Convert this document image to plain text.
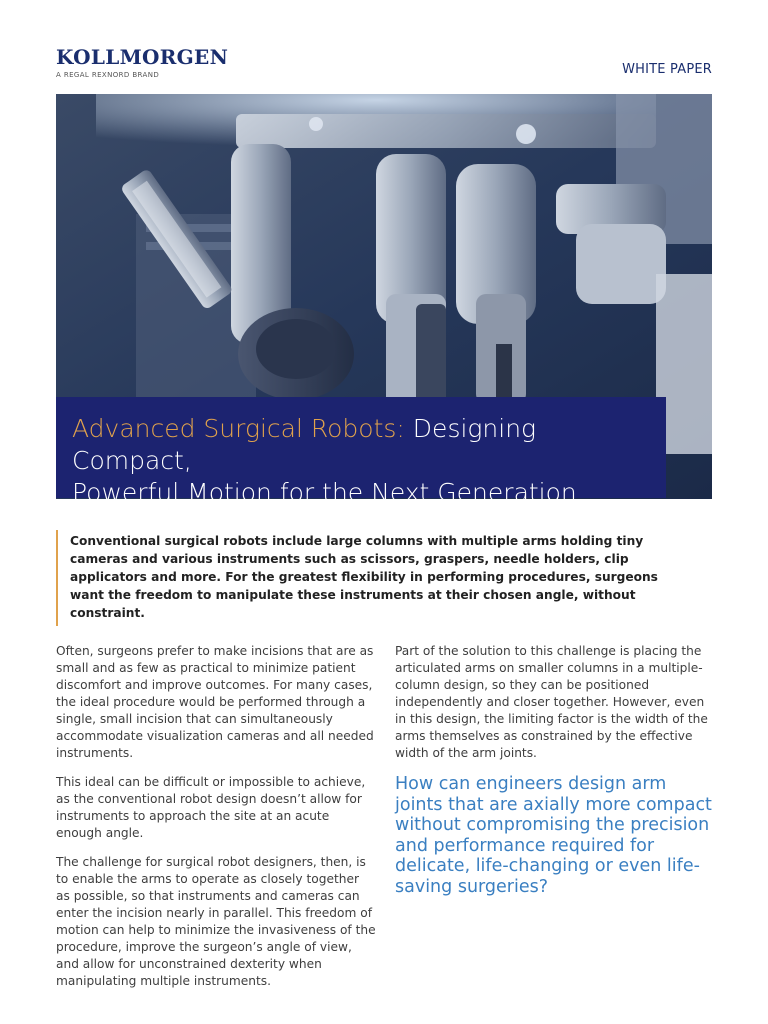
KOLLMORGEN
A REGAL REXNORD BRAND	WHITE PAPER
Advanced Surgical Robots: Designing Compact,
Powerful Motion for the Next Generation
Conventional surgical robots include large columns with multiple arms holding tiny cameras and various instruments such as scissors, graspers, needle holders, clip applicators and more. For the greatest flexibility in performing procedures, surgeons want the freedom to manipulate these instruments at their chosen angle, without constraint.

Often, surgeons prefer to make incisions that are as small and as few as practical to minimize patient discomfort and improve outcomes. For many cases, the ideal procedure would be performed through a single, small incision that can simultaneously accommodate visualization cameras and all needed instruments.

This ideal can be difficult or impossible to achieve, as the conventional robot design doesn’t allow for instruments to approach the site at an acute enough angle.

The challenge for surgical robot designers, then, is to enable the arms to operate as closely together as possible, so that instruments and cameras can enter the incision nearly in parallel. This freedom of motion can help to minimize the invasiveness of the procedure, improve the surgeon’s angle of view, and allow for unconstrained dexterity when manipulating multiple instruments.

Part of the solution to this challenge is placing the articulated arms on smaller columns in a multiple-column design, so they can be positioned independently and closer together. However, even in this design, the limiting factor is the width of the arms themselves as constrained by the effective width of the arm joints.

How can engineers design arm joints that are axially more compact without compromising the precision and performance required for delicate, life-changing or even life-saving surgeries?
